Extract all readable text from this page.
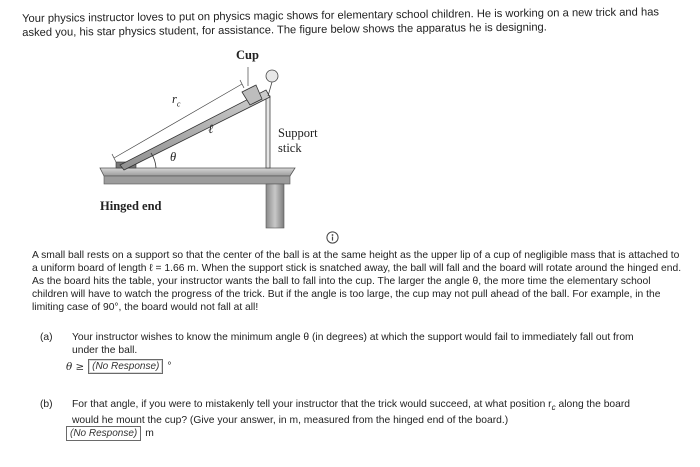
Your physics instructor loves to put on physics magic shows for elementary school children. He is working on a new trick and has asked you, his star physics student, for assistance. The figure below shows the apparatus he is designing.
Cup
$r_c$
ℓ
θ
Support
stick
Hinged end
A small ball rests on a support so that the center of the ball is at the same height as the upper lip of a cup of negligible mass that is attached to a uniform board of length ℓ = 1.66 m. When the support stick is snatched away, the ball will fall and the board will rotate around the hinged end. As the board hits the table, your instructor wants the ball to fall into the cup. The larger the angle θ, the more time the elementary school children will have to watch the progress of the trick. But if the angle is too large, the cup may not pull ahead of the ball. For example, in the limiting case of 90°, the board would not fall at all!
(a) Your instructor wishes to know the minimum angle θ (in degrees) at which the support would fail to immediately fall out from
under the ball.
θ ≥ (No Response) °
(b) For that angle, if you were to mistakenly tell your instructor that the trick would succeed, at what position $r_c$ along the board
would he mount the cup? (Give your answer, in m, measured from the hinged end of the board.)
(No Response) m
